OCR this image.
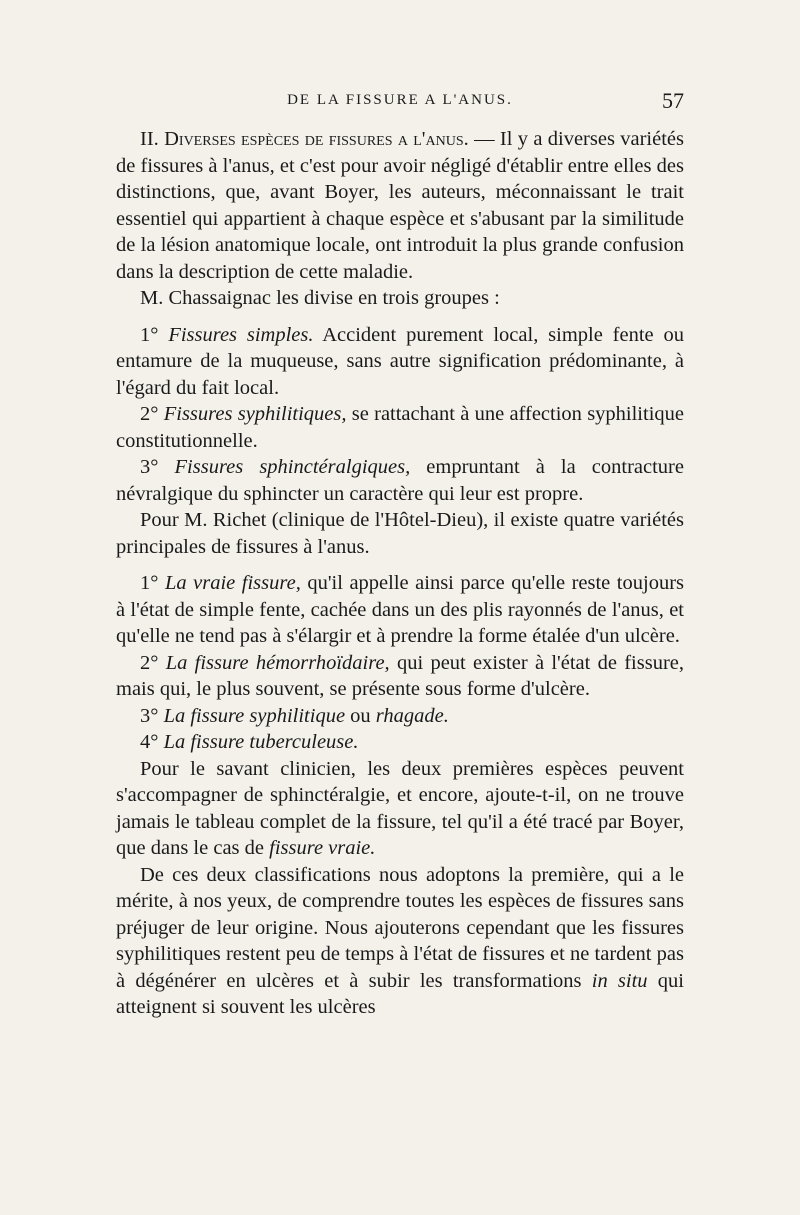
DE LA FISSURE A L'ANUS.	57

II. Diverses espèces de fissures a l'anus. — Il y a diverses variétés de fissures à l'anus, et c'est pour avoir négligé d'établir entre elles des distinctions, que, avant Boyer, les auteurs, méconnaissant le trait essentiel qui appartient à chaque espèce et s'abusant par la similitude de la lésion anatomique locale, ont introduit la plus grande confusion dans la description de cette maladie.

M. Chassaignac les divise en trois groupes :

1° Fissures simples. Accident purement local, simple fente ou entamure de la muqueuse, sans autre signification prédominante, à l'égard du fait local.

2° Fissures syphilitiques, se rattachant à une affection syphilitique constitutionnelle.

3° Fissures sphinctéralgiques, empruntant à la contracture névralgique du sphincter un caractère qui leur est propre.

Pour M. Richet (clinique de l'Hôtel-Dieu), il existe quatre variétés principales de fissures à l'anus.

1° La vraie fissure, qu'il appelle ainsi parce qu'elle reste toujours à l'état de simple fente, cachée dans un des plis rayonnés de l'anus, et qu'elle ne tend pas à s'élargir et à prendre la forme étalée d'un ulcère.

2° La fissure hémorrhoïdaire, qui peut exister à l'état de fissure, mais qui, le plus souvent, se présente sous forme d'ulcère.

3° La fissure syphilitique ou rhagade.

4° La fissure tuberculeuse.

Pour le savant clinicien, les deux premières espèces peuvent s'accompagner de sphinctéralgie, et encore, ajoute-t-il, on ne trouve jamais le tableau complet de la fissure, tel qu'il a été tracé par Boyer, que dans le cas de fissure vraie.

De ces deux classifications nous adoptons la première, qui a le mérite, à nos yeux, de comprendre toutes les espèces de fissures sans préjuger de leur origine. Nous ajouterons cependant que les fissures syphilitiques restent peu de temps à l'état de fissures et ne tardent pas à dégénérer en ulcères et à subir les transformations in situ qui atteignent si souvent les ulcères
